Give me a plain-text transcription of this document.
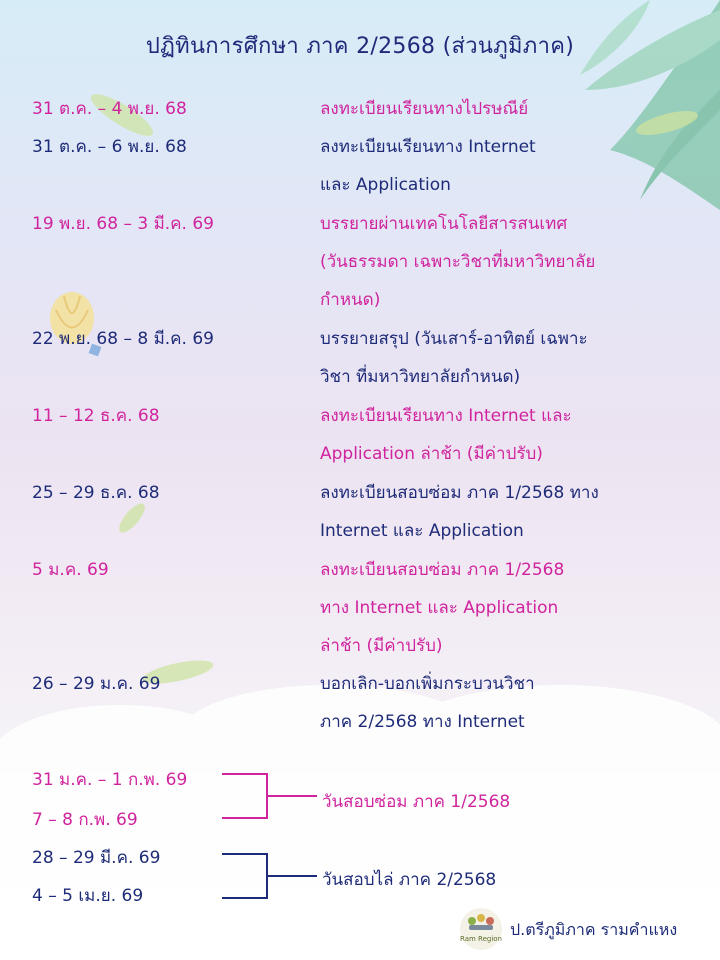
ปฏิทินการศึกษา ภาค 2/2568 (ส่วนภูมิภาค)
31 ต.ค. – 4 พ.ย. 68	ลงทะเบียนเรียนทางไปรษณีย์
31 ต.ค. – 6 พ.ย. 68	ลงทะเบียนเรียนทาง Internet
และ Application
19 พ.ย. 68 – 3 มี.ค. 69	บรรยายผ่านเทคโนโลยีสารสนเทศ
(วันธรรมดา เฉพาะวิชาที่มหาวิทยาลัย
กำหนด)
22 พ.ย. 68 – 8 มี.ค. 69	บรรยายสรุป (วันเสาร์-อาทิตย์ เฉพาะ
วิชา ที่มหาวิทยาลัยกำหนด)
11 – 12 ธ.ค. 68	ลงทะเบียนเรียนทาง Internet และ
Application ล่าช้า (มีค่าปรับ)
25 – 29 ธ.ค. 68	ลงทะเบียนสอบซ่อม ภาค 1/2568 ทาง
Internet และ Application
5 ม.ค. 69	ลงทะเบียนสอบซ่อม ภาค 1/2568
ทาง Internet และ Application
ล่าช้า (มีค่าปรับ)
26 – 29 ม.ค. 69	บอกเลิก-บอกเพิ่มกระบวนวิชา
ภาค 2/2568 ทาง Internet
31 ม.ค. – 1 ก.พ. 69
7 – 8 ก.พ. 69
วันสอบซ่อม ภาค 1/2568
28 – 29 มี.ค. 69
4 – 5 เม.ย. 69
วันสอบไล่ ภาค 2/2568
Ram Region ป.ตรีภูมิภาค รามคำแหง
